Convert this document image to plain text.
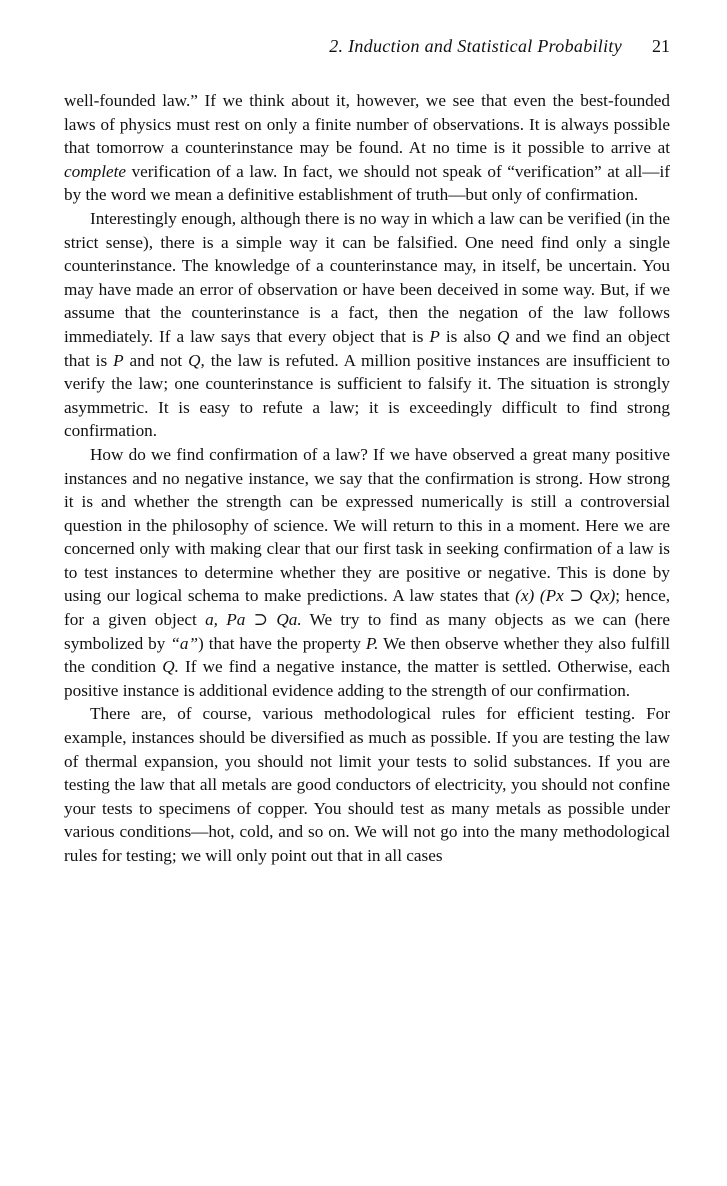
2. Induction and Statistical Probability 21

well-founded law.” If we think about it, however, we see that even the best-founded laws of physics must rest on only a finite number of observations. It is always possible that tomorrow a counterinstance may be found. At no time is it possible to arrive at complete verification of a law. In fact, we should not speak of “verification” at all—if by the word we mean a definitive establishment of truth—but only of confirmation.

Interestingly enough, although there is no way in which a law can be verified (in the strict sense), there is a simple way it can be falsified. One need find only a single counterinstance. The knowledge of a counterinstance may, in itself, be uncertain. You may have made an error of observation or have been deceived in some way. But, if we assume that the counterinstance is a fact, then the negation of the law follows immediately. If a law says that every object that is P is also Q and we find an object that is P and not Q, the law is refuted. A million positive instances are insufficient to verify the law; one counterinstance is sufficient to falsify it. The situation is strongly asymmetric. It is easy to refute a law; it is exceedingly difficult to find strong confirmation.

How do we find confirmation of a law? If we have observed a great many positive instances and no negative instance, we say that the confirmation is strong. How strong it is and whether the strength can be expressed numerically is still a controversial question in the philosophy of science. We will return to this in a moment. Here we are concerned only with making clear that our first task in seeking confirmation of a law is to test instances to determine whether they are positive or negative. This is done by using our logical schema to make predictions. A law states that (x) (Px ⊃ Qx); hence, for a given object a, Pa ⊃ Qa. We try to find as many objects as we can (here symbolized by “a”) that have the property P. We then observe whether they also fulfill the condition Q. If we find a negative instance, the matter is settled. Otherwise, each positive instance is additional evidence adding to the strength of our confirmation.

There are, of course, various methodological rules for efficient testing. For example, instances should be diversified as much as possible. If you are testing the law of thermal expansion, you should not limit your tests to solid substances. If you are testing the law that all metals are good conductors of electricity, you should not confine your tests to specimens of copper. You should test as many metals as possible under various conditions—hot, cold, and so on. We will not go into the many methodological rules for testing; we will only point out that in all cases
